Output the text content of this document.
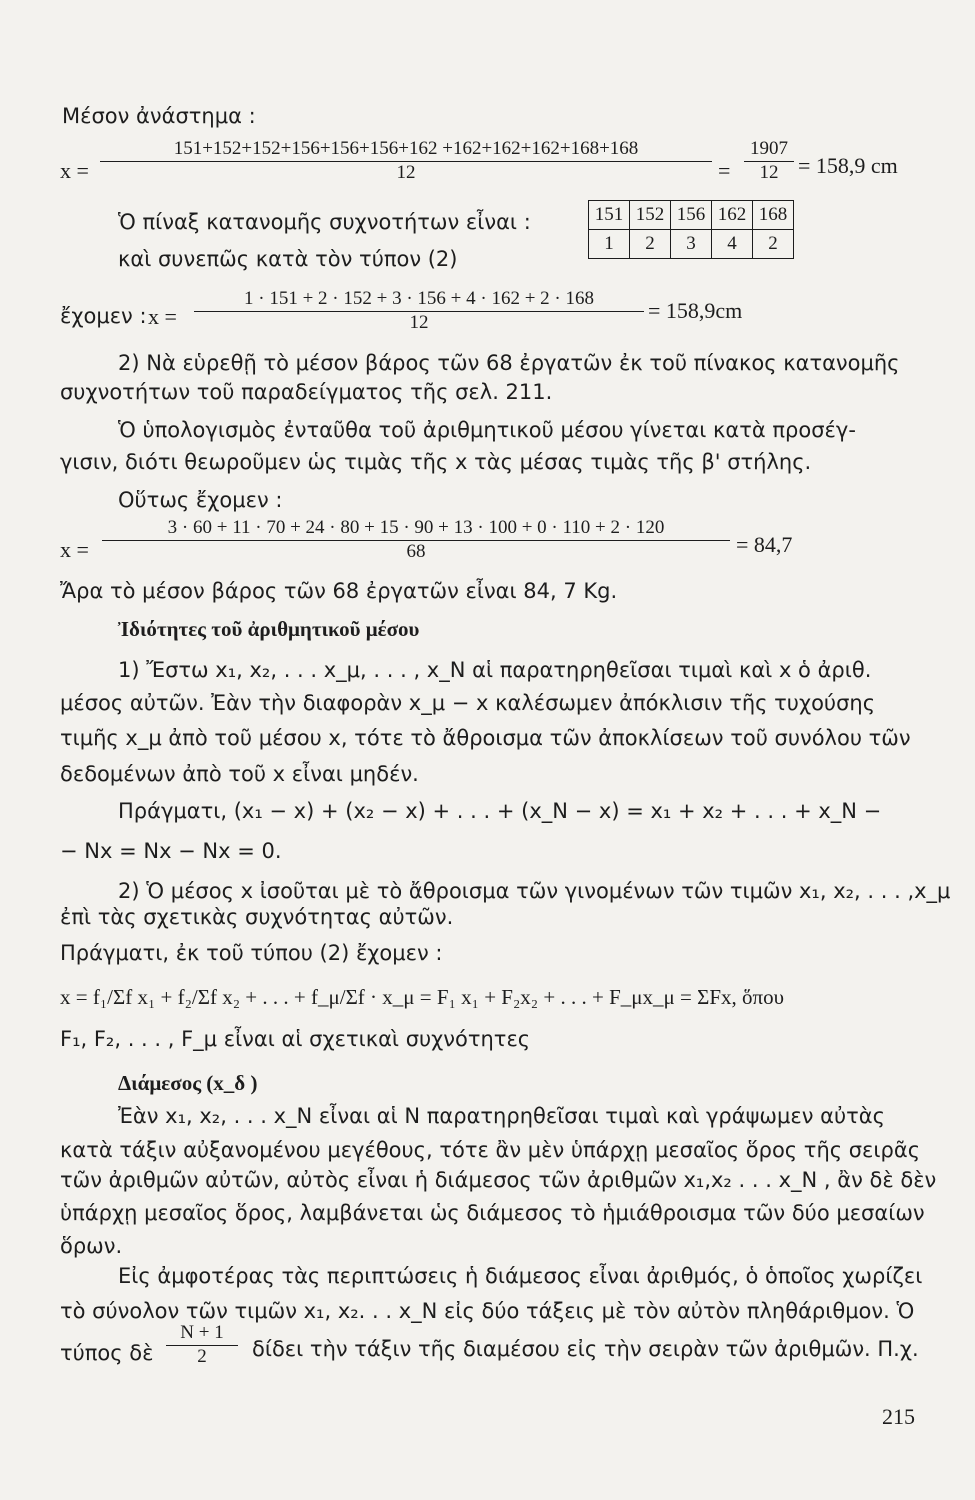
Μέσον ἀνάστημα :
$x = \frac{151+152+152+156+156+156+162 +162+162+162+168+168}{12} = \frac{1907}{12} = 158,9$ cm
Ὁ πίναξ κατανομῆς συχνοτήτων εἶναι :
καὶ συνεπῶς κατὰ τὸν τύπον (2)
151	152	156	162	168
1	2	3	4	2
ἔχομεν : $x = \frac{1 \cdot 151 + 2 \cdot 152 + 3 \cdot 156 + 4 \cdot 162 + 2 \cdot 168}{12} = 158,9cm$
2) Νὰ εὑρεθῇ τὸ μέσον βάρος τῶν 68 ἐργατῶν ἐκ τοῦ πίνακος κατανομῆς
συχνοτήτων τοῦ παραδείγματος τῆς σελ. 211.
Ὁ ὑπολογισμὸς ἐνταῦθα τοῦ ἀριθμητικοῦ μέσου γίνεται κατὰ προσέγ-
γισιν, διότι θεωροῦμεν ὡς τιμὰς τῆς x τὰς μέσας τιμὰς τῆς β' στήλης.
Οὕτως ἔχομεν :
x =
3 · 60 + 11 · 70 + 24 · 80 + 15 · 90 + 13 · 100 + 0 · 110 + 2 · 120
68	= 84,7
Ἄρα τὸ μέσον βάρος τῶν 68 ἐργατῶν εἶναι 84, 7 Kg.
Ἰδιότητες τοῦ ἀριθμητικοῦ μέσου
1) Ἔστω x₁, x₂, . . . x_μ, . . . , x_N αἱ παρατηρηθεῖσαι τιμαὶ καὶ x ὁ ἀριθ.
μέσος αὐτῶν. Ἐὰν τὴν διαφορὰν x_μ − x καλέσωμεν ἀπόκλισιν τῆς τυχούσης
τιμῆς x_μ ἀπὸ τοῦ μέσου x, τότε τὸ ἄθροισμα τῶν ἀποκλίσεων τοῦ συνόλου τῶν
δεδομένων ἀπὸ τοῦ x εἶναι μηδέν.
Πράγματι, (x₁ − x) + (x₂ − x) + . . . + (x_N − x) = x₁ + x₂ + . . . + x_N −
− Nx = Nx − Nx = 0.
2) Ὁ μέσος x ἰσοῦται μὲ τὸ ἄθροισμα τῶν γινομένων τῶν τιμῶν x₁, x₂, . . . ,x_μ
ἐπὶ τὰς σχετικὰς συχνότητας αὐτῶν.
Πράγματι, ἐκ τοῦ τύπου (2) ἔχομεν :
x = f₁/Σf x₁ + f₂/Σf x₂ + . . . + f_μ/Σf · x_μ = F₁ x₁ + F₂x₂ + . . . + F_μx_μ = ΣFx, ὅπου
F₁, F₂, . . . , F_μ εἶναι αἱ σχετικαὶ συχνότητες
Διάμεσος (x_δ )
Ἐὰν x₁, x₂, . . . x_N εἶναι αἱ N παρατηρηθεῖσαι τιμαὶ καὶ γράψωμεν αὐτὰς
κατὰ τάξιν αὐξανομένου μεγέθους, τότε ἂν μὲν ὑπάρχῃ μεσαῖος ὅρος τῆς σειρᾶς
τῶν ἀριθμῶν αὐτῶν, αὐτὸς εἶναι ἡ διάμεσος τῶν ἀριθμῶν x₁,x₂ . . . x_N , ἂν δὲ δὲν
ὑπάρχῃ μεσαῖος ὅρος, λαμβάνεται ὡς διάμεσος τὸ ἡμιάθροισμα τῶν δύο μεσαίων
ὅρων.
Εἰς ἀμφοτέρας τὰς περιπτώσεις ἡ διάμεσος εἶναι ἀριθμός, ὁ ὁποῖος χωρίζει
τὸ σύνολον τῶν τιμῶν x₁, x₂. . . x_N εἰς δύο τάξεις μὲ τὸν αὐτὸν πληθάριθμον. Ὁ
τύπος δὲ $\frac{N + 1}{2}$ δίδει τὴν τάξιν τῆς διαμέσου εἰς τὴν σειρὰν τῶν ἀριθμῶν. Π.χ.
215
